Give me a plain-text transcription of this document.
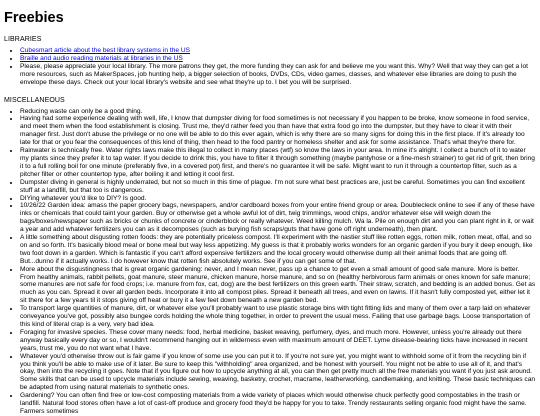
Freebies
LIBRARIES
• Cubesmart article about the best library systems in the US
• Braille and audio reading materials at libraries in the US
• Please, please appreciate your local library. The more patrons they get, the more funding they can ask for and believe me you want this. Why? Well that way they can get a lot more resources, such as MakerSpaces, job hunting help, a bigger selection of books, DVDs, CDs, video games, classes, and whatever else libraries are doing to push the envelope these days. Check out your local library's website and see what they're up to. I bet you will be surprised.
MISCELLANEOUS
• Reducing waste can only be a good thing.
• Having had some experience dealing with well, life, I know that dumpster diving for food sometimes is not necessary if you happen to be broke, know someone in food service, and meet them when the food establishment is closing. Trust me, they'd rather feed you than have that extra food go into the dumpster, but they have to clear it with their manager first. Just don't abuse the privilege or no one will be able to do this ever again, which is why there are so many signs for doing this in the first place. If it's already too late for that or you fear the consequences of this kind of thing, then head to the food pantry or homeless shelter and ask for some assistance. That's what they're there for.
• Rainwater is technically free. Water rights laws make this illegal to collect in many places (wtf) so know the laws in your area. In mine it's alright. I collect a bunch of it to water my plants since they prefer it to tap water. If you decide to drink this, you have to filter it through something (maybe pantyhose or a fine-mesh strainer) to get rid of grit, then bring it to a full rolling boil for one minute (preferably five, in a covered pot) first, and there's no guarantee it will be safe. Might want to run it through a countertop filter, such as a pitcher filter or other countertop type, after boiling it and letting it cool first.
• Dumpster diving in general is highly underrated, but not so much in this time of plague. I'm not sure what best practices are, just be careful. Sometimes you can find excellent stuff at a landfill, but that too is dangerous.
• DIYing whatever you'd like to DIY? Is good.
• 10/26/22 Garden idea: amass the paper grocery bags, newspapers, and/or cardboard boxes from your entire friend group or area. Doublecleck online to see if any of these have inks or chemicals that could taint your garden. Buy or otherwise get a whole awful lot of dirt, twig trimmings, wood chips, and/or whatever else will weigh down the bags/boxes/newspaper such as bricks or chunks of concrete or cinderblock or really whatever. Weed killing mulch. Wa la. Pile on enough dirt and you can plant right in it, or wait a year and add whatever fertilizers you can as it decomposes (such as burying fish scraps/guts that have gone off right underneath), then plant.
• A little something about disgusting rotten foods: they are potentially priceless compost. I'll experiment with the nastier stuff like rotten eggs, rotten milk, rotten meat, offal, and so on and so forth. It's basically blood meal or bone meal but way less appetizing. My guess is that it probably works wonders for an organic garden if you bury it deep enough, like two foot down in a garden. Which is fantastic if you can't afford expensive fertilizers and the local grocery would otherwise dump all their animal foods that are going off. But...dunno if it actually works. I do however know that rotten fish absolutely works. See if you can get some of that.
• More about the disgustingness that is great organic gardening: never, and I mean never, pass up a chance to get even a small amount of good safe manure. More is better. From healthy animals, rabbit pellets, goat manure, steer manure, chicken manure, horse manure, and so on (healthy herbivorous farm animals or ones known for safe manure; some manures are not safe for food crops; i.e. manure from fox, cat, dog) are the best fertilizers on this green earth. Their straw, scratch, and bedding is an added bonus. Get as much as you can. Spread it over all garden beds. Incorporate it into all compost piles. Spread it beneath all trees, and even on lawns. If it hasn't fully composted yet, either let it sit there for a few years til it stops giving off heat or bury it a few feet down beneath a new garden bed.
• To transport large quantities of manure, dirt, or whatever else you'll probably want to use plastic storage bins with tight fitting lids and many of them over a tarp laid on whatever conveyance you've got, possibly also bungee cords holding the whole thing together, in order to prevent the usual mess. Failing that use garbage bags. Loose transportation of this kind of literal crap is a very, very bad idea.
• Foraging for invasive species. These cover many needs: food, herbal medicine, basket weaving, perfumery, dyes, and much more. However, unless you're already out there anyway basically every day or so, I wouldn't recommend hanging out in wilderness even with maximum amount of DEET. Lyme disease-bearing ticks have increased in recent years, trust me, you do not want what I have.
• Whatever you'd otherwise throw out is fair game if you know of some use you can put it to. If you're not sure yet, you might want to withhold some of it from the recycling bin if you think you'll be able to make use of it later. Be sure to keep this "withholding" area organized, and be honest with yourself. You might not be able to use all of it, and that's okay, then into the recycling it goes. Note that if you figure out how to upcycle anything at all, you can then get pretty much all the free materials you want if you just ask around. Some skills that can be used to upcycle materials include sewing, weaving, basketry, crochet, macrame, leatherworking, candlemaking, and knitting. These basic techniques can be adapted from using natural materials to synthetic ones.
• Gardening? You can often find free or low-cost composting materials from a wide variety of places which would otherwise chuck perfectly good compostables in the trash or landfill. Natural food stores often have a lot of cast-off produce and grocery food they'd be happy for you to take. Trendy restaurants selling organic food might have the same. Farmers sometimes
